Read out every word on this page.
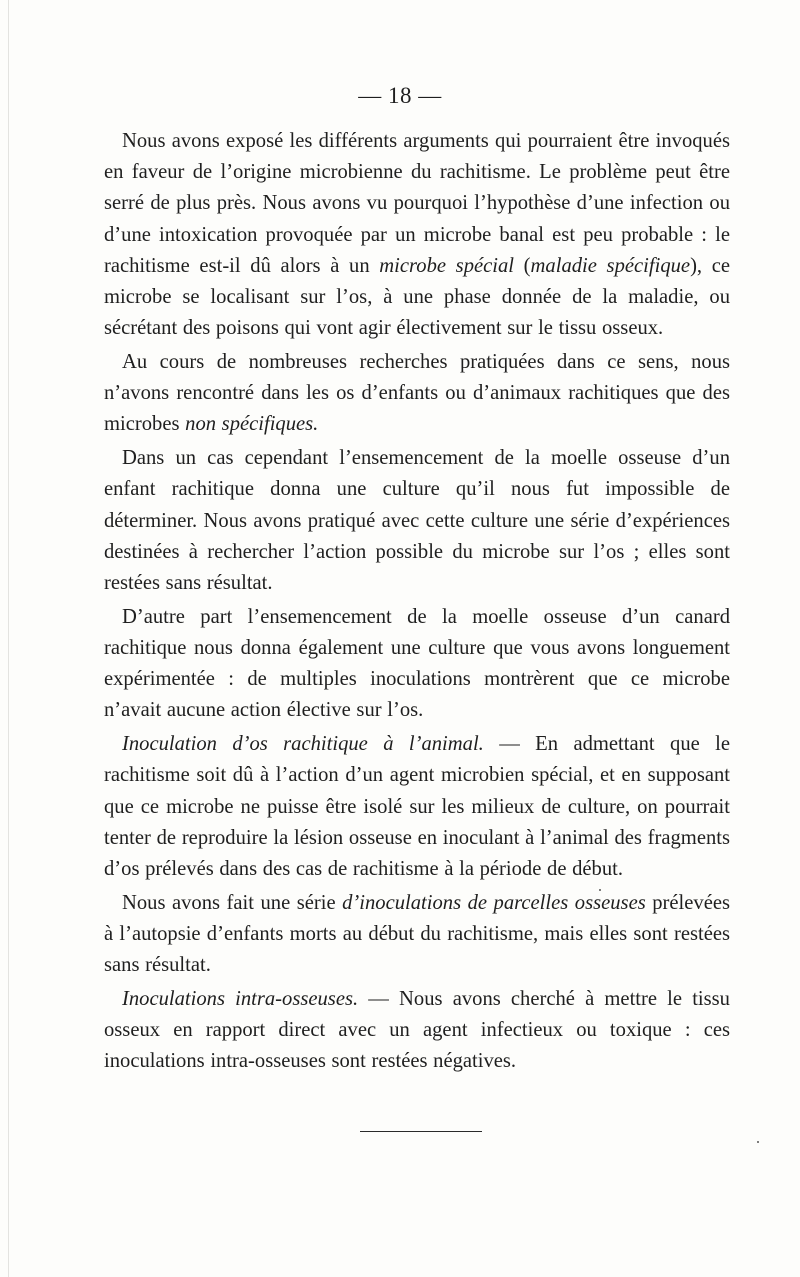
— 18 —

Nous avons exposé les différents arguments qui pourraient être invoqués en faveur de l’origine microbienne du rachitisme. Le problème peut être serré de plus près. Nous avons vu pourquoi l’hypothèse d’une infection ou d’une intoxication provoquée par un microbe banal est peu probable : le rachitisme est-il dû alors à un microbe spécial (maladie spécifique), ce microbe se localisant sur l’os, à une phase donnée de la maladie, ou sécrétant des poisons qui vont agir électivement sur le tissu osseux.

Au cours de nombreuses recherches pratiquées dans ce sens, nous n’avons rencontré dans les os d’enfants ou d’animaux rachitiques que des microbes non spécifiques.

Dans un cas cependant l’ensemencement de la moelle osseuse d’un enfant rachitique donna une culture qu’il nous fut impossible de déterminer. Nous avons pratiqué avec cette culture une série d’expériences destinées à rechercher l’action possible du microbe sur l’os ; elles sont restées sans résultat.

D’autre part l’ensemencement de la moelle osseuse d’un canard rachitique nous donna également une culture que vous avons longuement expérimentée : de multiples inoculations montrèrent que ce microbe n’avait aucune action élective sur l’os.

Inoculation d’os rachitique à l’animal. — En admettant que le rachitisme soit dû à l’action d’un agent microbien spécial, et en supposant que ce microbe ne puisse être isolé sur les milieux de culture, on pourrait tenter de reproduire la lésion osseuse en inoculant à l’animal des fragments d’os prélevés dans des cas de rachitisme à la période de début.

Nous avons fait une série d’inoculations de parcelles osseuses prélevées à l’autopsie d’enfants morts au début du rachitisme, mais elles sont restées sans résultat.

Inoculations intra-osseuses. — Nous avons cherché à mettre le tissu osseux en rapport direct avec un agent infectieux ou toxique : ces inoculations intra-osseuses sont restées négatives.
